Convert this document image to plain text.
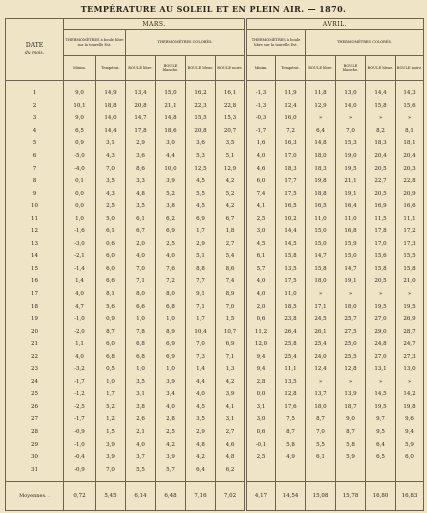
TEMPÉRATURE AU SOLEIL ET EN PLEIN AIR. — 1870.
DATE
du mois.	MARS.						AVRIL.					
	THERMOMÈTRES à boule libre sur la tourelle Est.		THERMOMÈTRES COLORÉS.				THERMOMÈTRES à boule libre sur la tourelle Est.		THERMOMÈTRES COLORÉS.			
	Minim.	Températ.	BOULE libre.	BOULE blanche.	BOULE bleue.	BOULE noire.	Minim.	Températ.	BOULE libre.	BOULE blanche.	BOULE bleue.	BOULE noire.
1	9,0	14,9	13,4	15,0	16,2	16,1	-1,3	11,9	11,8	13,0	14,4	14,3
2	10,1	18,8	20,8	21,1	22,3	22,8	-1,3	12,4	12,9	14,0	15,8	15,6
3	9,0	14,0	14,7	14,8	15,5	15,3	-0,3	16,0	»	»	»	»
4	6,5	14,4	17,8	18,6	20,8	20,7	-1,7	7,2	6,4	7,0	8,2	8,1
5	0,9	3,1	2,9	3,0	3,6	3,5	1,6	16,3	14,8	15,3	18,3	18,1
6	-5,0	4,3	3,6	4,4	5,3	5,1	4,0	17,0	18,0	19,0	20,4	20,4
7	-4,0	7,0	8,6	10,0	12,5	12,9	4,6	18,3	18,3	19,5	20,5	20,3
8	0,1	3,5	3,3	3,9	4,5	4,2	6,0	17,7	19,8	21,1	22,7	22,8
9	0,0	4,3	4,8	5,2	5,5	5,2	7,4	17,5	18,8	19,1	20,5	20,9
10	0,0	2,5	3,5	3,8	4,5	4,2	4,1	16,5	16,5	16,4	16,9	16,6
11	1,0	5,0	6,1	6,2	6,9	6,7	2,5	10,2	11,0	11,0	11,5	11,1
12	-1,6	6,1	6,7	6,9	1,7	1,8	3,0	14,4	15,0	16,8	17,8	17,2
13	-3,0	0,6	2,0	2,5	2,9	2,7	4,5	14,5	15,0	15,9	17,0	17,3
14	-2,1	6,0	4,0	4,0	5,1	5,4	6,1	15,8	14,7	15,0	15,6	15,5
15	-1,4	6,0	7,0	7,6	8,8	8,6	5,7	13,5	15,8	14,7	15,8	15,8
16	1,4	6,6	7,1	7,2	7,7	7,4	4,0	17,5	18,0	19,1	20,5	21,0
17	4,0	8,1	8,0	8,0	9,1	8,9	4,0	11,0	»	»	»	»
18	4,7	5,6	6,6	6,8	7,1	7,0	2,0	18,5	17,1	18,0	19,5	19,5
19	-1,0	0,9	1,0	1,0	1,7	1,5	0,6	23,8	24,5	25,7	27,0	26,9
20	-2,0	8,7	7,8	8,9	10,4	10,7	11,2	26,4	26,1	27,5	29,0	28,7
21	1,1	6,0	6,8	6,9	7,0	6,9	12,0	25,8	25,4	25,0	24,8	24,7
22	4,0	6,8	6,8	6,9	7,3	7,1	9,4	25,4	24,0	25,5	27,0	27,3
23	-3,2	0,5	1,0	1,0	1,4	1,3	9,4	11,1	12,4	12,8	13,1	13,0
24	-1,7	1,0	3,5	3,9	4,4	4,2	2,8	13,5	»	»	»	»
25	-1,2	1,7	3,1	3,4	4,0	3,9	0,0	12,8	13,7	13,9	14,5	14,2
26	-2,5	5,2	3,8	4,0	4,5	4,1	3,1	17,6	18,0	18,7	19,5	19,8
27	-1,7	1,2	2,6	2,8	3,5	3,1	3,0	7,5	8,7	9,0	9,7	9,6
28	-0,9	1,5	2,1	2,5	2,9	2,7	0,6	8,7	7,0	8,7	9,5	9,4
29	-1,0	3,9	4,0	4,2	4,8	4,6	-0,1	5,8	5,5	5,8	6,4	5,9
30	-0,4	3,9	3,7	3,9	4,2	4,8	2,5	4,9	6,1	5,9	6,5	6,0
31	-0,9	7,0	5,5	5,7	6,4	6,2						
Moyennes. .	0,72	5,45	6,14	6,48	7,16	7,02	4,17	14,54	15,08	15,78	16,80	16,83
